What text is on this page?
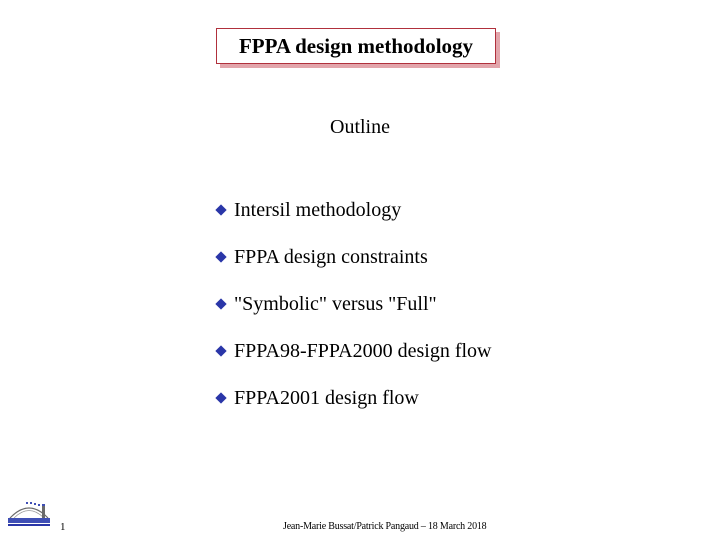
FPPA design methodology
Outline
Intersil methodology
FPPA design constraints
"Symbolic" versus "Full"
FPPA98-FPPA2000 design flow
FPPA2001 design flow
1	Jean-Marie Bussat/Patrick Pangaud – 18 March 2018
